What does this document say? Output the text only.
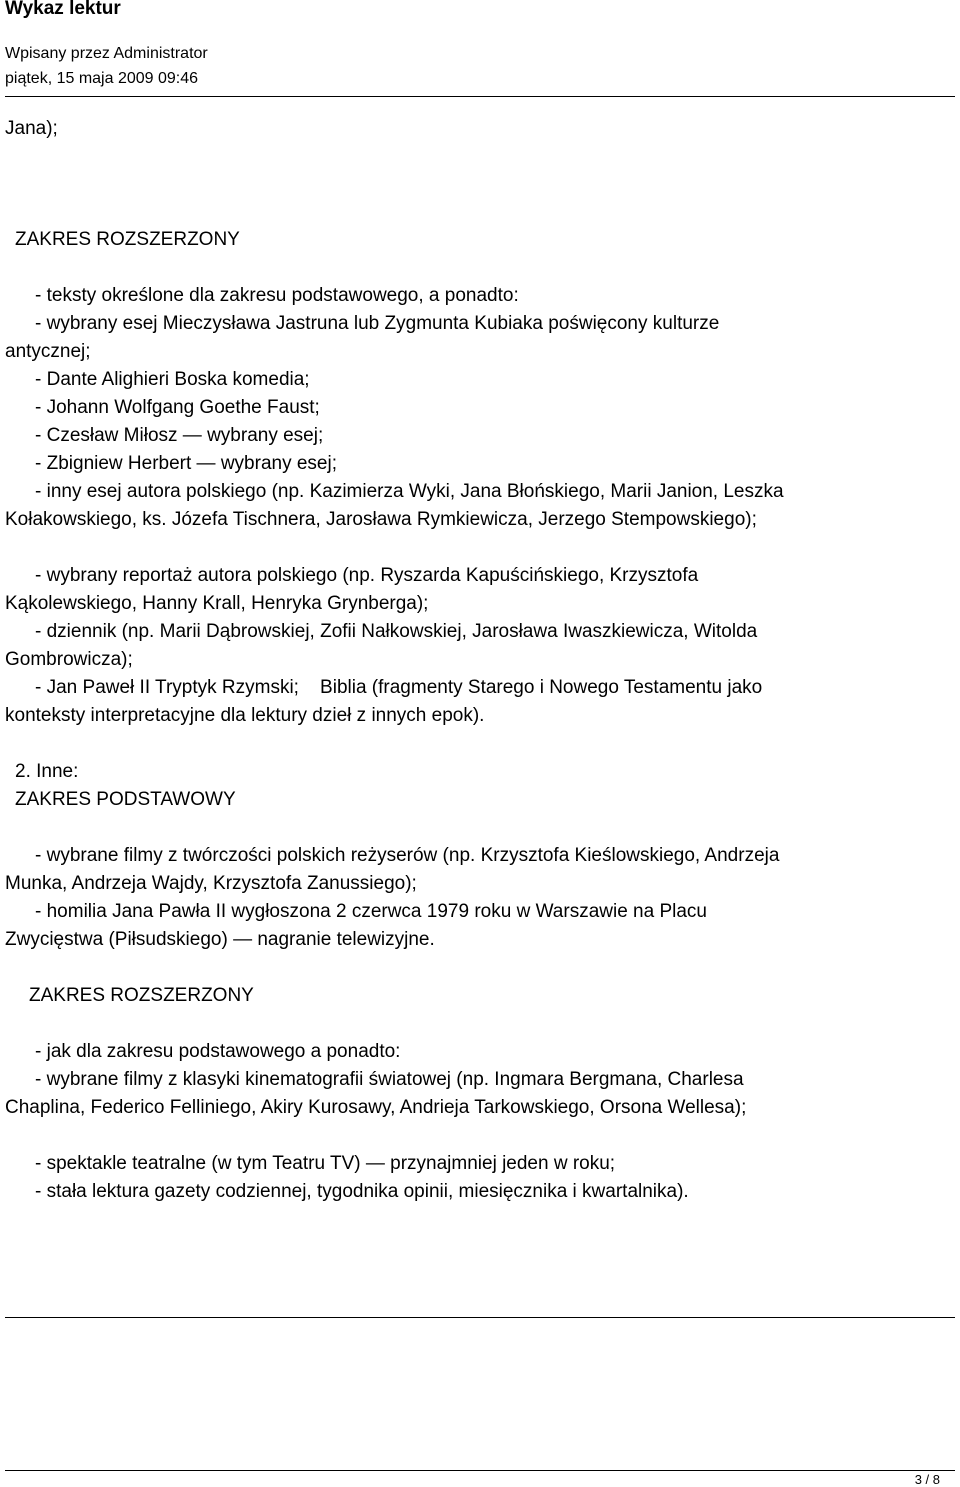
Wykaz lektur
Wpisany przez Administrator
piątek, 15 maja 2009 09:46
Jana);
ZAKRES ROZSZERZONY
- teksty określone dla zakresu podstawowego, a ponadto:
- wybrany esej Mieczysława Jastruna lub Zygmunta Kubiaka poświęcony kulturze
antycznej;
- Dante Alighieri Boska komedia;
- Johann Wolfgang Goethe Faust;
- Czesław Miłosz — wybrany esej;
- Zbigniew Herbert — wybrany esej;
- inny esej autora polskiego (np. Kazimierza Wyki, Jana Błońskiego, Marii Janion, Leszka
Kołakowskiego, ks. Józefa Tischnera, Jarosława Rymkiewicza, Jerzego Stempowskiego);
- wybrany reportaż autora polskiego (np. Ryszarda Kapuścińskiego, Krzysztofa
Kąkolewskiego, Hanny Krall, Henryka Grynberga);
- dziennik (np. Marii Dąbrowskiej, Zofii Nałkowskiej, Jarosława Iwaszkiewicza, Witolda
Gombrowicza);
- Jan Paweł II Tryptyk Rzymski;    Biblia (fragmenty Starego i Nowego Testamentu jako
konteksty interpretacyjne dla lektury dzieł z innych epok).
2. Inne:
ZAKRES PODSTAWOWY
- wybrane filmy z twórczości polskich reżyserów (np. Krzysztofa Kieślowskiego, Andrzeja
Munka, Andrzeja Wajdy, Krzysztofa Zanussiego);
- homilia Jana Pawła II wygłoszona 2 czerwca 1979 roku w Warszawie na Placu
Zwycięstwa (Piłsudskiego) — nagranie telewizyjne.
ZAKRES ROZSZERZONY
- jak dla zakresu podstawowego a ponadto:
- wybrane filmy z klasyki kinematografii światowej (np. Ingmara Bergmana, Charlesa
Chaplina, Federico Felliniego, Akiry Kurosawy, Andrieja Tarkowskiego, Orsona Wellesa);
- spektakle teatralne (w tym Teatru TV) — przynajmniej jeden w roku;
- stała lektura gazety codziennej, tygodnika opinii, miesięcznika i kwartalnika).
3 / 8
